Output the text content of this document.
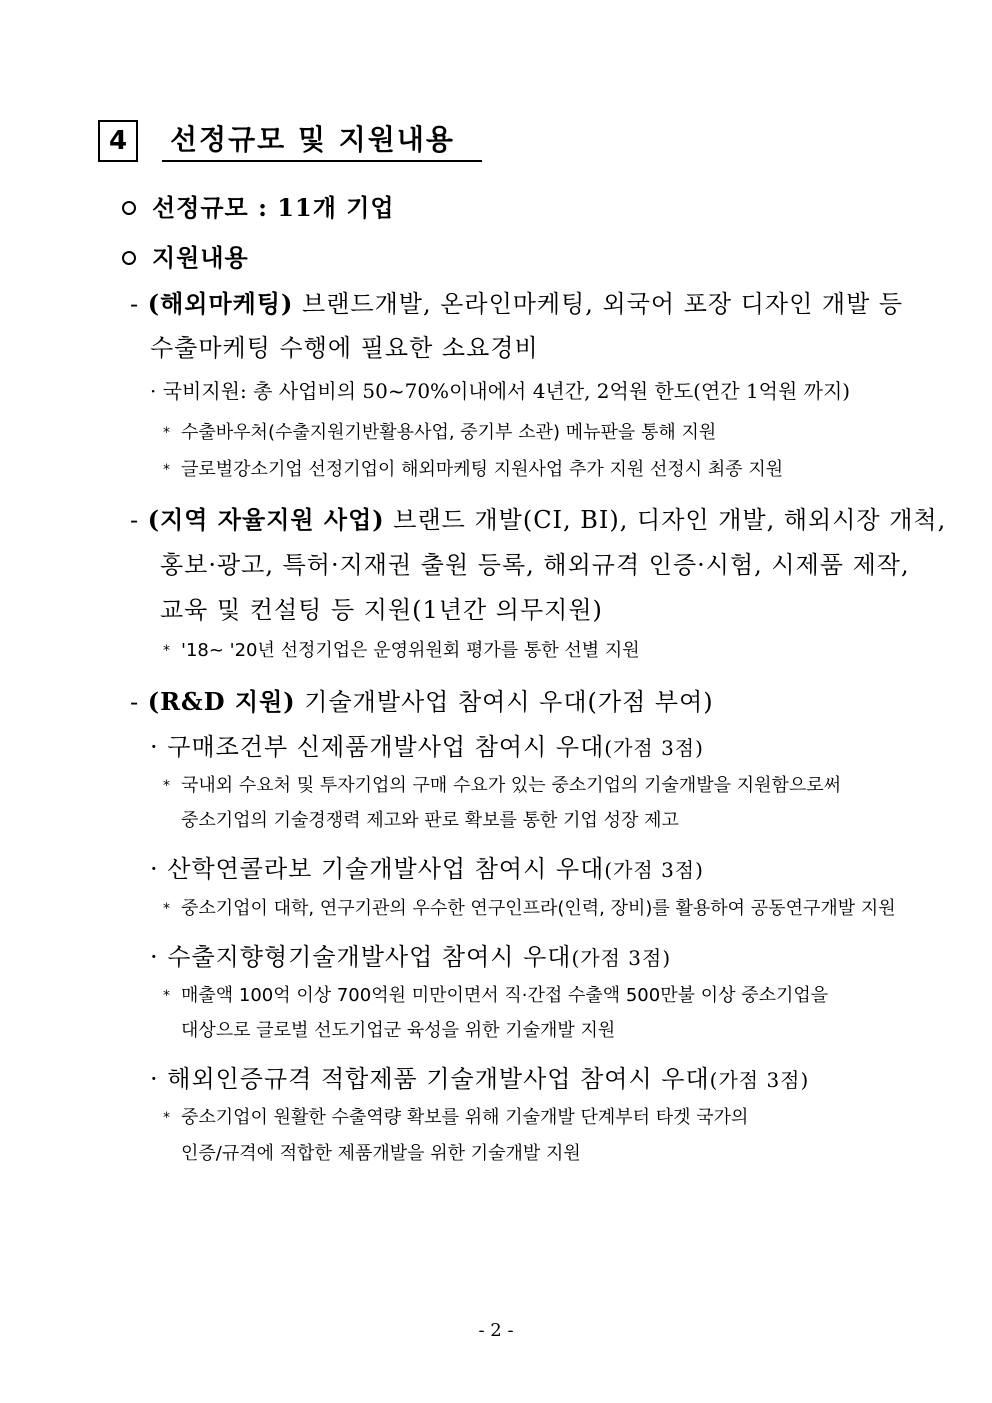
4	선정규모 및 지원내용
선정규모 : 11개 기업
지원내용
- (해외마케팅) 브랜드개발, 온라인마케팅, 외국어 포장 디자인 개발 등
수출마케팅 수행에 필요한 소요경비
· 국비지원: 총 사업비의 50~70%이내에서 4년간, 2억원 한도(연간 1억원 까지)
* 수출바우처(수출지원기반활용사업, 중기부 소관) 메뉴판을 통해 지원
* 글로벌강소기업 선정기업이 해외마케팅 지원사업 추가 지원 선정시 최종 지원
- (지역 자율지원 사업) 브랜드 개발(CI, BI), 디자인 개발, 해외시장 개척,
홍보·광고, 특허·지재권 출원 등록, 해외규격 인증·시험, 시제품 제작,
교육 및 컨설팅 등 지원(1년간 의무지원)
* '18~ '20년 선정기업은 운영위원회 평가를 통한 선별 지원
- (R&D 지원) 기술개발사업 참여시 우대(가점 부여)
· 구매조건부 신제품개발사업 참여시 우대(가점 3점)
* 국내외 수요처 및 투자기업의 구매 수요가 있는 중소기업의 기술개발을 지원함으로써
중소기업의 기술경쟁력 제고와 판로 확보를 통한 기업 성장 제고
· 산학연콜라보 기술개발사업 참여시 우대(가점 3점)
* 중소기업이 대학, 연구기관의 우수한 연구인프라(인력, 장비)를 활용하여 공동연구개발 지원
· 수출지향형기술개발사업 참여시 우대(가점 3점)
* 매출액 100억 이상 700억원 미만이면서 직·간접 수출액 500만불 이상 중소기업을
대상으로 글로벌 선도기업군 육성을 위한 기술개발 지원
· 해외인증규격 적합제품 기술개발사업 참여시 우대(가점 3점)
* 중소기업이 원활한 수출역량 확보를 위해 기술개발 단계부터 타겟 국가의
인증/규격에 적합한 제품개발을 위한 기술개발 지원
- 2 -
